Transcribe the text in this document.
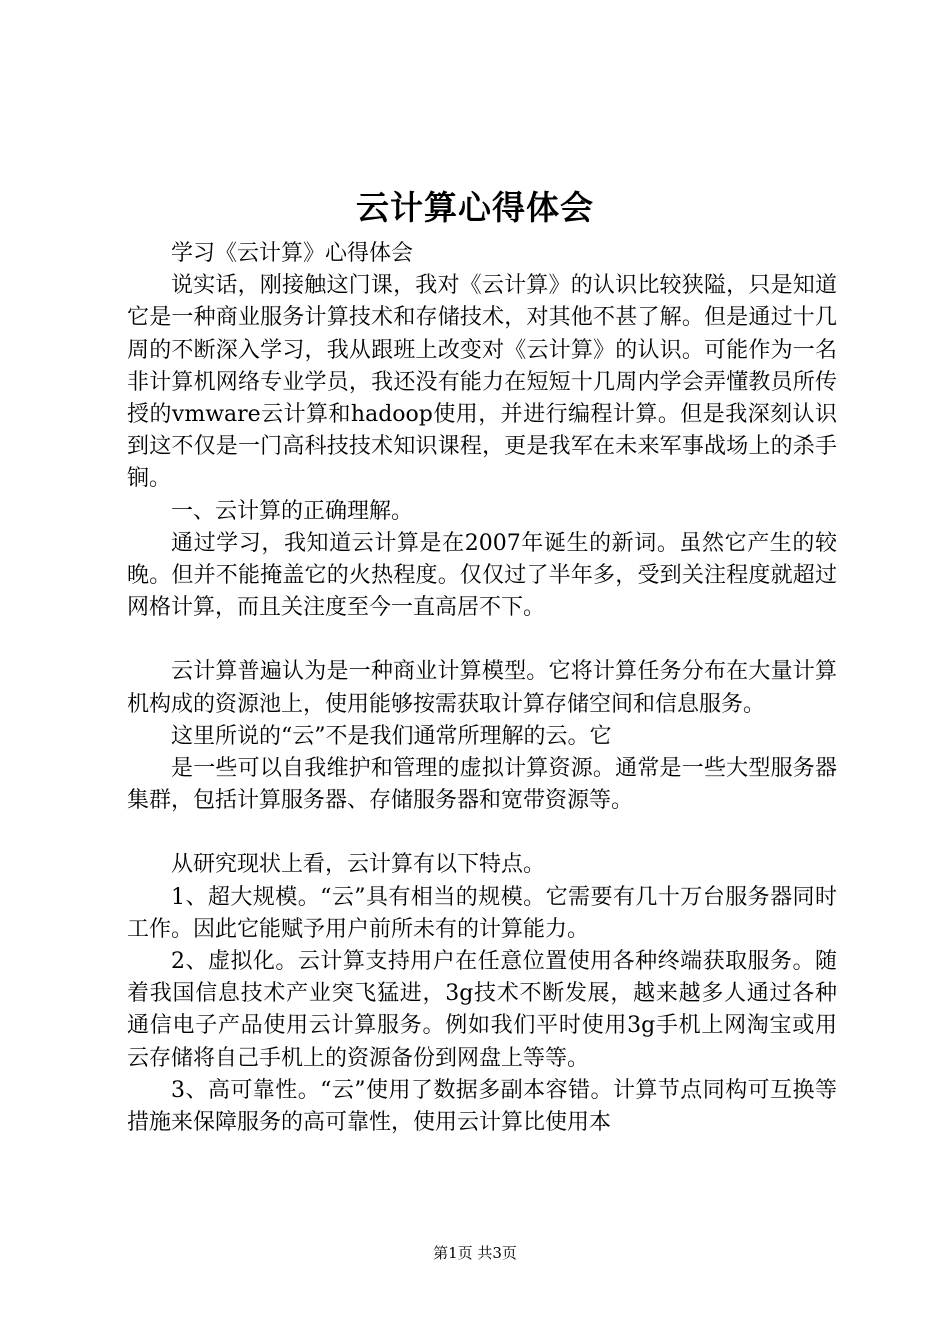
云计算心得体会

学习《云计算》心得体会

说实话，刚接触这门课，我对《云计算》的认识比较狭隘，只是知道它是一种商业服务计算技术和存储技术，对其他不甚了解。但是通过十几周的不断深入学习，我从跟班上改变对《云计算》的认识。可能作为一名非计算机网络专业学员，我还没有能力在短短十几周内学会弄懂教员所传授的vmware云计算和hadoop使用，并进行编程计算。但是我深刻认识到这不仅是一门高科技技术知识课程，更是我军在未来军事战场上的杀手锏。

一、云计算的正确理解。

通过学习，我知道云计算是在2007年诞生的新词。虽然它产生的较晚。但并不能掩盖它的火热程度。仅仅过了半年多，受到关注程度就超过网格计算，而且关注度至今一直高居不下。

云计算普遍认为是一种商业计算模型。它将计算任务分布在大量计算机构成的资源池上，使用能够按需获取计算存储空间和信息服务。

这里所说的“云”不是我们通常所理解的云。它

是一些可以自我维护和管理的虚拟计算资源。通常是一些大型服务器集群，包括计算服务器、存储服务器和宽带资源等。

从研究现状上看，云计算有以下特点。

1、超大规模。“云”具有相当的规模。它需要有几十万台服务器同时工作。因此它能赋予用户前所未有的计算能力。

2、虚拟化。云计算支持用户在任意位置使用各种终端获取服务。随着我国信息技术产业突飞猛进，3g技术不断发展，越来越多人通过各种通信电子产品使用云计算服务。例如我们平时使用3g手机上网淘宝或用云存储将自己手机上的资源备份到网盘上等等。

3、高可靠性。“云”使用了数据多副本容错。计算节点同构可互换等措施来保障服务的高可靠性，使用云计算比使用本

第1页 共3页
